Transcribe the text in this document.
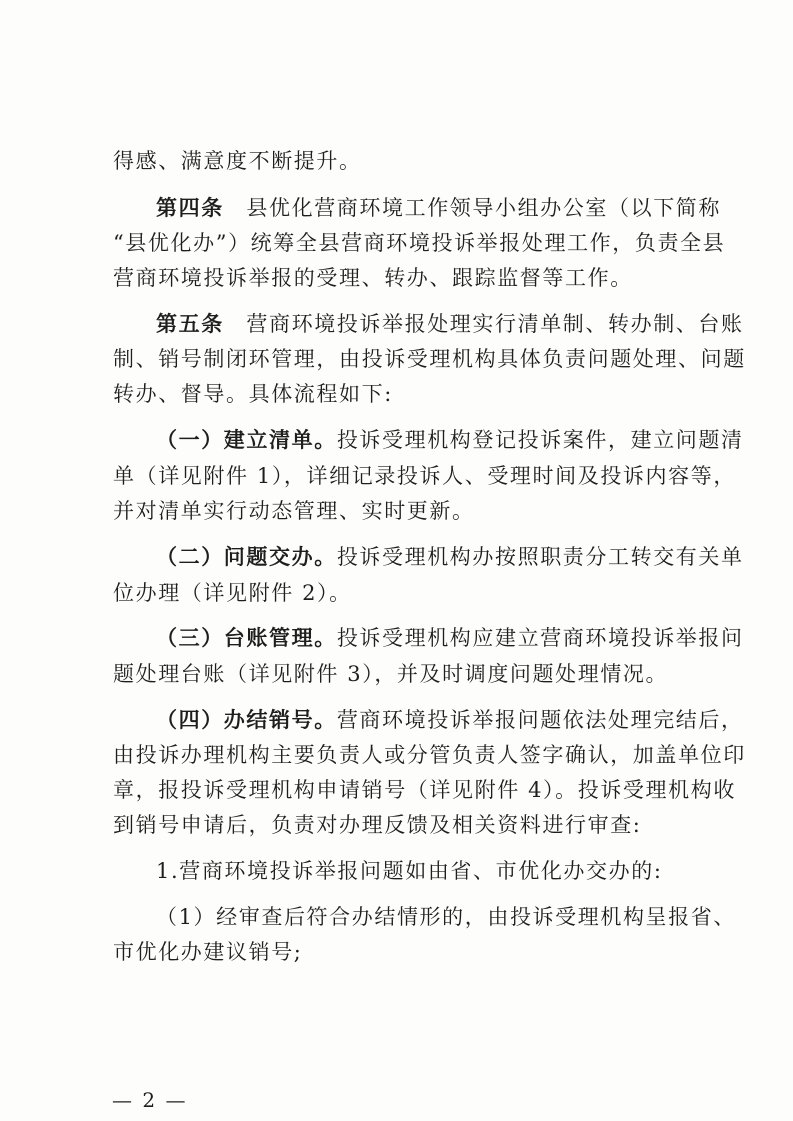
得感、满意度不断提升。
第四条　县优化营商环境工作领导小组办公室（以下简称
“县优化办”）统筹全县营商环境投诉举报处理工作，负责全县
营商环境投诉举报的受理、转办、跟踪监督等工作。
第五条　营商环境投诉举报处理实行清单制、转办制、台账
制、销号制闭环管理，由投诉受理机构具体负责问题处理、问题
转办、督导。具体流程如下:
（一）建立清单。投诉受理机构登记投诉案件，建立问题清
单（详见附件 1），详细记录投诉人、受理时间及投诉内容等，
并对清单实行动态管理、实时更新。
（二）问题交办。投诉受理机构办按照职责分工转交有关单
位办理（详见附件 2）。
（三）台账管理。投诉受理机构应建立营商环境投诉举报问
题处理台账（详见附件 3），并及时调度问题处理情况。
（四）办结销号。营商环境投诉举报问题依法处理完结后，
由投诉办理机构主要负责人或分管负责人签字确认，加盖单位印
章，报投诉受理机构申请销号（详见附件 4）。投诉受理机构收
到销号申请后，负责对办理反馈及相关资料进行审查:
1.营商环境投诉举报问题如由省、市优化办交办的:
（1）经审查后符合办结情形的，由投诉受理机构呈报省、
市优化办建议销号;
— 2 —
